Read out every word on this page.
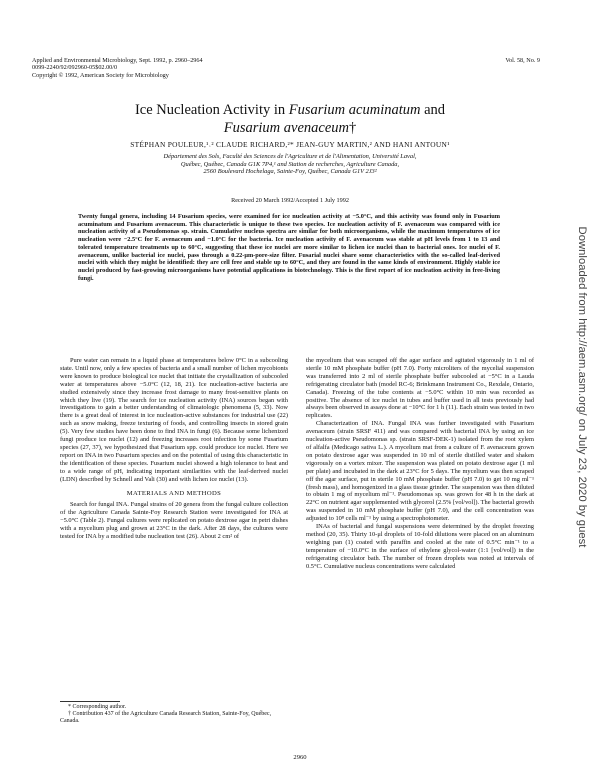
Applied and Environmental Microbiology, Sept. 1992, p. 2960–2964
0099-2240/92/092960-05$02.00/0
Copyright © 1992, American Society for Microbiology
Vol. 58, No. 9
Ice Nucleation Activity in Fusarium acuminatum and
Fusarium avenaceum†
STÉPHAN POULEUR,¹˒² CLAUDE RICHARD,²* JEAN-GUY MARTIN,² AND HANI ANTOUN¹
Département des Sols, Faculté des Sciences de l'Agriculture et de l'Alimentation, Université Laval,
Québec, Québec, Canada G1K 7P4,¹ and Station de recherches, Agriculture Canada,
2560 Boulevard Hochelaga, Sainte-Foy, Québec, Canada G1V 2J3²
Received 20 March 1992/Accepted 1 July 1992
Twenty fungal genera, including 14 Fusarium species, were examined for ice nucleation activity at −5.0°C, and this activity was found only in Fusarium acuminatum and Fusarium avenaceum. This characteristic is unique to these two species. Ice nucleation activity of F. avenaceum was compared with ice nucleation activity of a Pseudomonas sp. strain. Cumulative nucleus spectra are similar for both microorganisms, while the maximum temperatures of ice nucleation were −2.5°C for F. avenaceum and −1.0°C for the bacteria. Ice nucleation activity of F. avenaceum was stable at pH levels from 1 to 13 and tolerated temperature treatments up to 60°C, suggesting that these ice nuclei are more similar to lichen ice nuclei than to bacterial ones. Ice nuclei of F. avenaceum, unlike bacterial ice nuclei, pass through a 0.22-μm-pore-size filter. Fusarial nuclei share some characteristics with the so-called leaf-derived nuclei with which they might be identified: they are cell free and stable up to 60°C, and they are found in the same kinds of environment. Highly stable ice nuclei produced by fast-growing microorganisms have potential applications in biotechnology. This is the first report of ice nucleation activity in free-living fungi.

Pure water can remain in a liquid phase at temperatures below 0°C in a subcooling state. Until now, only a few species of bacteria and a small number of lichen mycobionts were known to produce biological ice nuclei that initiate the crystallization of subcooled water at temperatures above −5.0°C (12, 18, 21). Ice nucleation-active bacteria are studied extensively since they increase frost damage to many frost-sensitive plants on which they live (19). The search for ice nucleation activity (INA) sources began with investigations to gain a better understanding of climatologic phenomena (5, 33). Now there is a great deal of interest in ice nucleation-active substances for industrial use (22) such as snow making, freeze texturing of foods, and controlling insects in stored grain (5). Very few studies have been done to find INA in fungi (6). Because some lichenized fungi produce ice nuclei (12) and freezing increases root infection by some Fusarium species (27, 37), we hypothesized that Fusarium spp. could produce ice nuclei. Here we report on INA in two Fusarium species and on the potential of using this characteristic in the identification of these species. Fusarium nuclei showed a high tolerance to heat and to a wide range of pH, indicating important similarities with the leaf-derived nuclei (LDN) described by Schnell and Vali (30) and with lichen ice nuclei (13).

MATERIALS AND METHODS

Search for fungal INA. Fungal strains of 20 genera from the fungal culture collection of the Agriculture Canada Sainte-Foy Research Station were investigated for INA at −5.0°C (Table 2). Fungal cultures were replicated on potato dextrose agar in petri dishes with a mycelium plug and grown at 23°C in the dark. After 28 days, the cultures were tested for INA by a modified tube nucleation test (26). About 2 cm² of

the mycelium that was scraped off the agar surface and agitated vigorously in 1 ml of sterile 10 mM phosphate buffer (pH 7.0). Forty microliters of the mycelial suspension was transferred into 2 ml of sterile phosphate buffer subcooled at −5°C in a Lauda refrigerating circulator bath (model RC-6; Brinkmann Instrument Co., Rexdale, Ontario, Canada). Freezing of the tube contents at −5.0°C within 10 min was recorded as positive. The absence of ice nuclei in tubes and buffer used in all tests previously had always been observed in assays done at −10°C for 1 h (11). Each strain was tested in two replicates.

Characterization of INA. Fungal INA was further investigated with Fusarium avenaceum (strain SRSF 411) and was compared with bacterial INA by using an ice nucleation-active Pseudomonas sp. (strain SRSF-DEK-1) isolated from the root xylem of alfalfa (Medicago sativa L.). A mycelium mat from a culture of F. avenaceum grown on potato dextrose agar was suspended in 10 ml of sterile distilled water and shaken vigorously on a vortex mixer. The suspension was plated on potato dextrose agar (1 ml per plate) and incubated in the dark at 23°C for 5 days. The mycelium was then scraped off the agar surface, put in sterile 10 mM phosphate buffer (pH 7.0) to get 10 mg ml⁻¹ (fresh mass), and homogenized in a glass tissue grinder. The suspension was then diluted to obtain 1 mg of mycelium ml⁻¹. Pseudomonas sp. was grown for 48 h in the dark at 22°C on nutrient agar supplemented with glycerol (2.5% [vol/vol]). The bacterial growth was suspended in 10 mM phosphate buffer (pH 7.0), and the cell concentration was adjusted to 10⁸ cells ml⁻¹ by using a spectrophotometer.

INAs of bacterial and fungal suspensions were determined by the droplet freezing method (20, 35). Thirty 10-μl droplets of 10-fold dilutions were placed on an aluminum weighing pan (1) coated with paraffin and cooled at the rate of 0.5°C min⁻¹ to a temperature of −10.0°C in the surface of ethylene glycol-water (1:1 [vol/vol]) in the refrigerating circulator bath. The number of frozen droplets was noted at intervals of 0.5°C. Cumulative nucleus concentrations were calculated

* Corresponding author.

† Contribution 437 of the Agriculture Canada Research Station, Sainte-Foy, Québec, Canada.

2960
Downloaded from http://aem.asm.org/ on July 23, 2020 by guest
